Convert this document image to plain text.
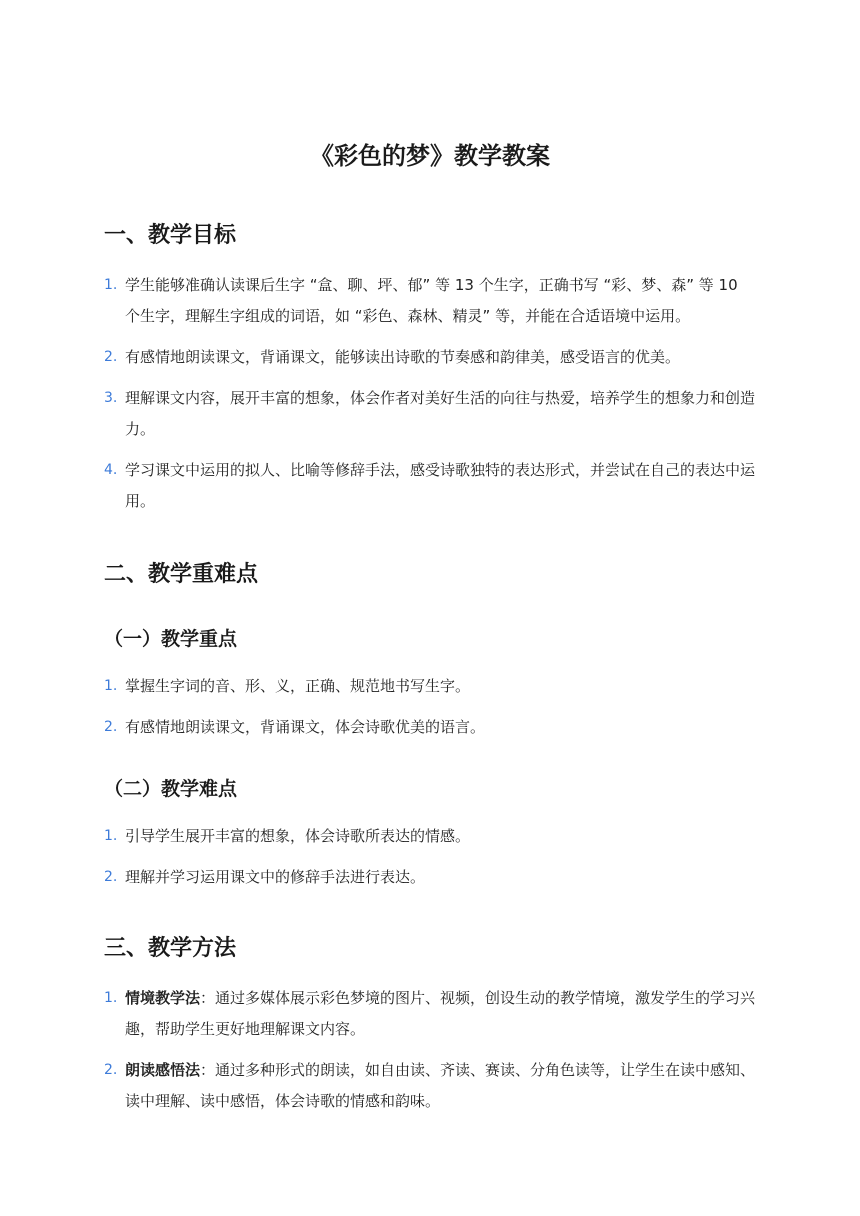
《彩色的梦》教学教案
一、教学目标
1. 学生能够准确认读课后生字 “盒、聊、坪、郁” 等 13 个生字，正确书写 “彩、梦、森” 等 10 个生字，理解生字组成的词语，如 “彩色、森林、精灵” 等，并能在合适语境中运用。
2. 有感情地朗读课文，背诵课文，能够读出诗歌的节奏感和韵律美，感受语言的优美。
3. 理解课文内容，展开丰富的想象，体会作者对美好生活的向往与热爱，培养学生的想象力和创造力。
4. 学习课文中运用的拟人、比喻等修辞手法，感受诗歌独特的表达形式，并尝试在自己的表达中运用。
二、教学重难点
（一）教学重点
1. 掌握生字词的音、形、义，正确、规范地书写生字。
2. 有感情地朗读课文，背诵课文，体会诗歌优美的语言。
（二）教学难点
1. 引导学生展开丰富的想象，体会诗歌所表达的情感。
2. 理解并学习运用课文中的修辞手法进行表达。
三、教学方法
1. 情境教学法：通过多媒体展示彩色梦境的图片、视频，创设生动的教学情境，激发学生的学习兴趣，帮助学生更好地理解课文内容。
2. 朗读感悟法：通过多种形式的朗读，如自由读、齐读、赛读、分角色读等，让学生在读中感知、读中理解、读中感悟，体会诗歌的情感和韵味。
